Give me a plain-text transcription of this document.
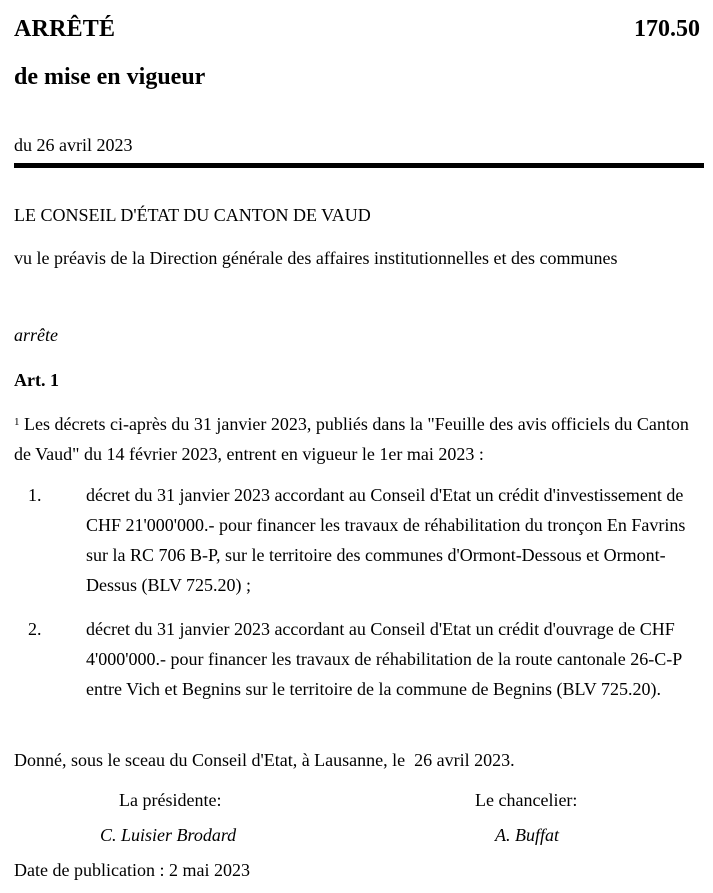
ARRÊTÉ	170.50
de mise en vigueur
du 26 avril 2023
LE CONSEIL D'ÉTAT DU CANTON DE VAUD
vu le préavis de la Direction générale des affaires institutionnelles et des communes
arrête
Art. 1
$^1$ Les décrets ci-après du 31 janvier 2023, publiés dans la "Feuille des avis officiels du Canton de Vaud" du 14 février 2023, entrent en vigueur le 1er mai 2023 :
1. décret du 31 janvier 2023 accordant au Conseil d'Etat un crédit d'investissement de CHF 21'000'000.- pour financer les travaux de réhabilitation du tronçon En Favrins sur la RC 706 B-P, sur le territoire des communes d'Ormont-Dessous et Ormont-Dessus (BLV 725.20) ;
2. décret du 31 janvier 2023 accordant au Conseil d'Etat un crédit d'ouvrage de CHF 4'000'000.- pour financer les travaux de réhabilitation de la route cantonale 26-C-P entre Vich et Begnins sur le territoire de la commune de Begnins (BLV 725.20).
Donné, sous le sceau du Conseil d'Etat, à Lausanne, le  26 avril 2023.
La présidente:	Le chancelier:
C. Luisier Brodard	A. Buffat
Date de publication : 2 mai 2023
